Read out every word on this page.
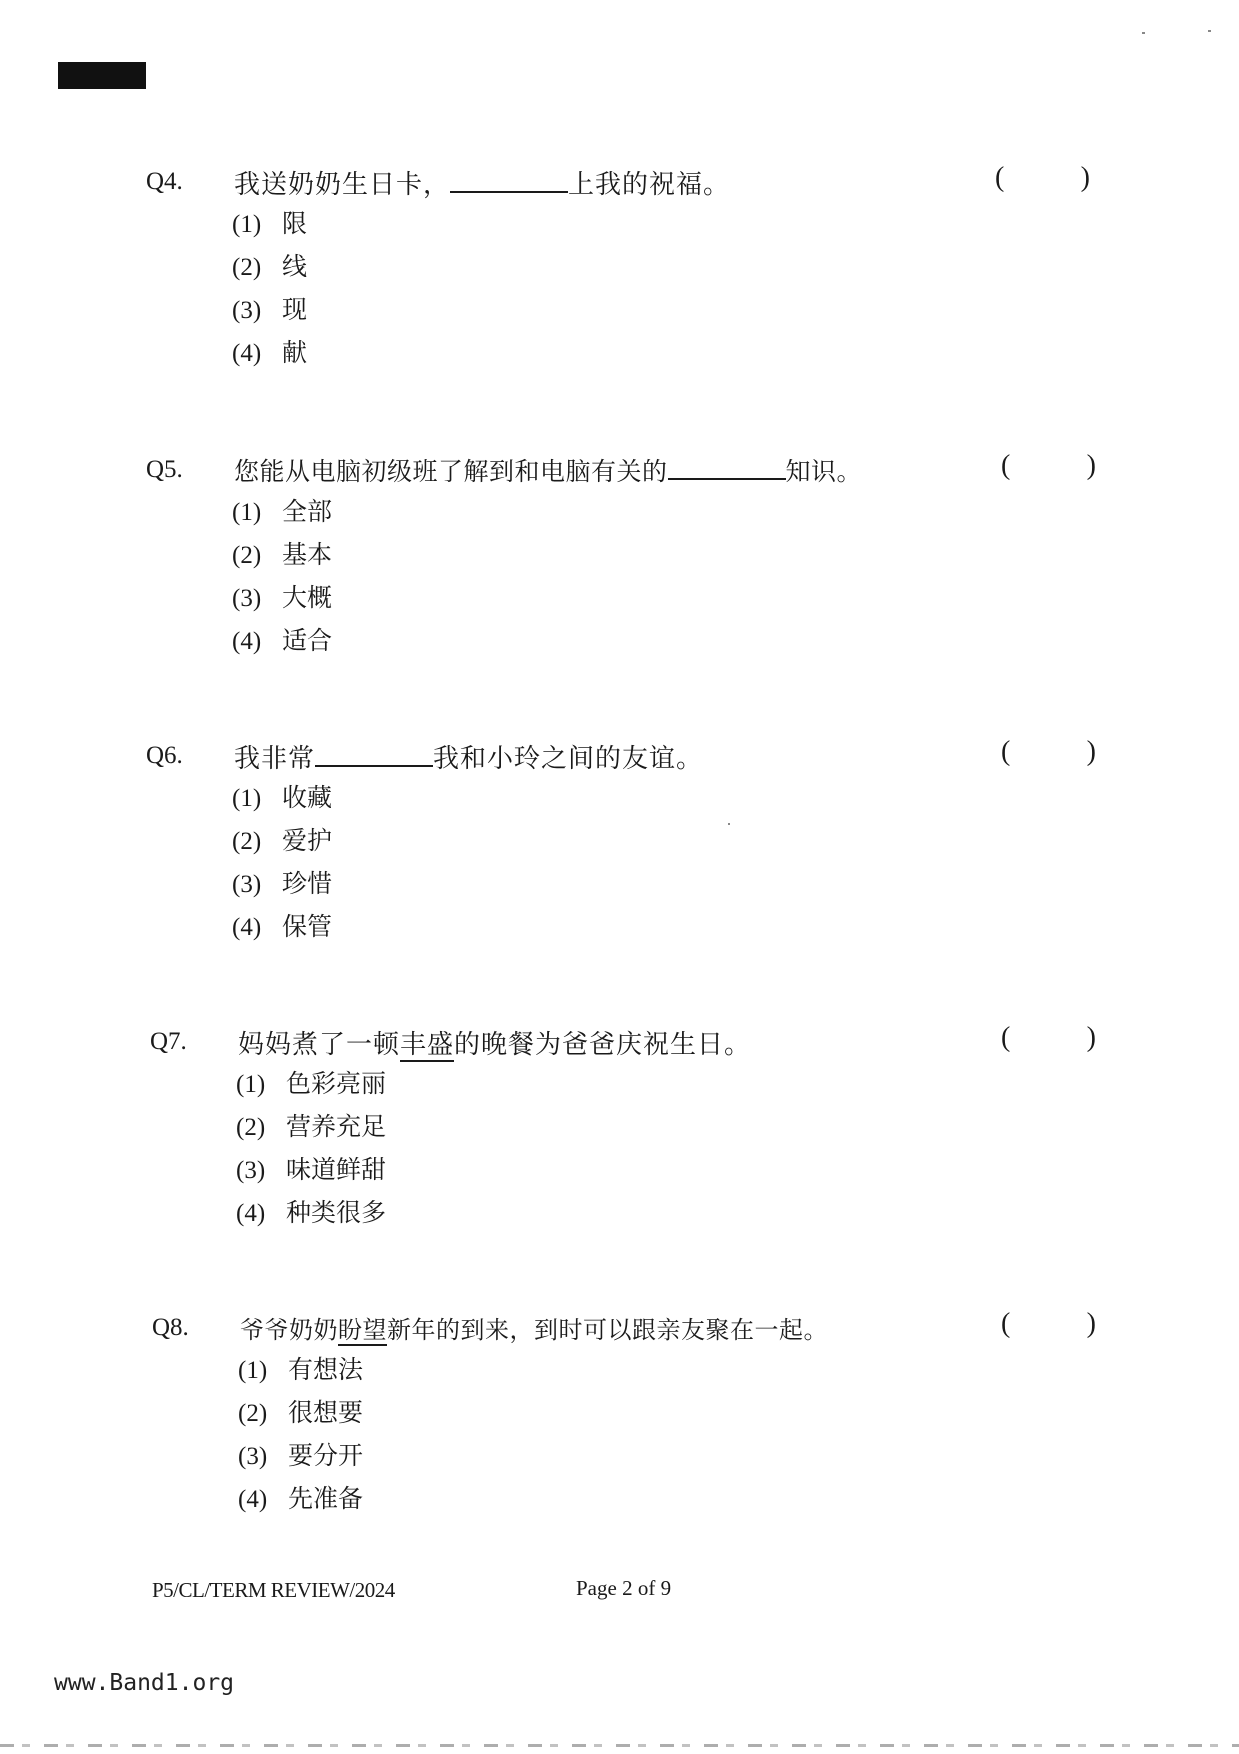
Q4. 我送奶奶生日卡，	上我的祝福。	(	)
(1) 限
(2) 线
(3) 现
(4) 献
Q5. 您能从电脑初级班了解到和电脑有关的	知识。	(	)
(1) 全部
(2) 基本
(3) 大概
(4) 适合
Q6. 我非常	我和小玲之间的友谊。	(	)
(1) 收藏
(2) 爱护
(3) 珍惜
(4) 保管
Q7. 妈妈煮了一顿丰盛的晚餐为爸爸庆祝生日。	(	)
(1) 色彩亮丽
(2) 营养充足
(3) 味道鲜甜
(4) 种类很多
Q8. 爷爷奶奶盼望新年的到来，到时可以跟亲友聚在一起。	(	)
(1) 有想法
(2) 很想要
(3) 要分开
(4) 先准备
P5/CL/TERM REVIEW/2024	Page 2 of 9
www.Band1.org
